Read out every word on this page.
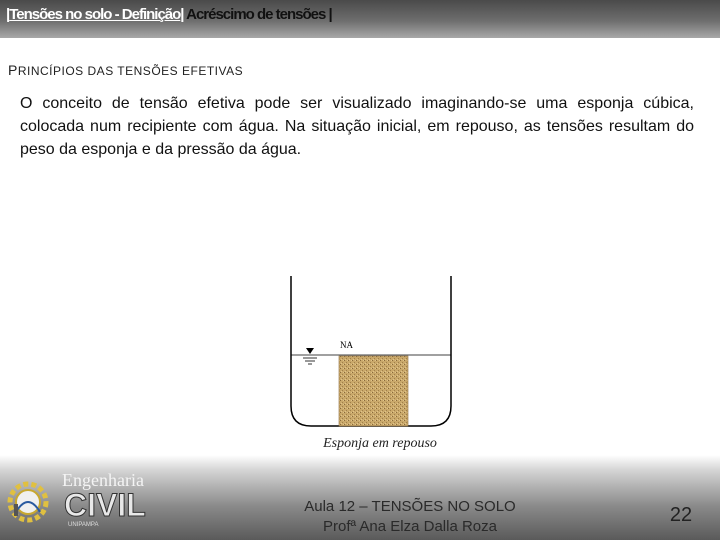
|Tensões no solo - Definição| Acréscimo de tensões |
PRINCÍPIOS DAS TENSÕES EFETIVAS
O conceito de tensão efetiva pode ser visualizado imaginando-se uma esponja cúbica, colocada num recipiente com água. Na situação inicial, em repouso, as tensões resultam do peso da esponja e da pressão da água.
NA
Esponja em repouso
Engenharia
CIVIL
UNIPAMPA
Aula 12 – TENSÕES NO SOLO
Profª Ana Elza Dalla Roza
22
